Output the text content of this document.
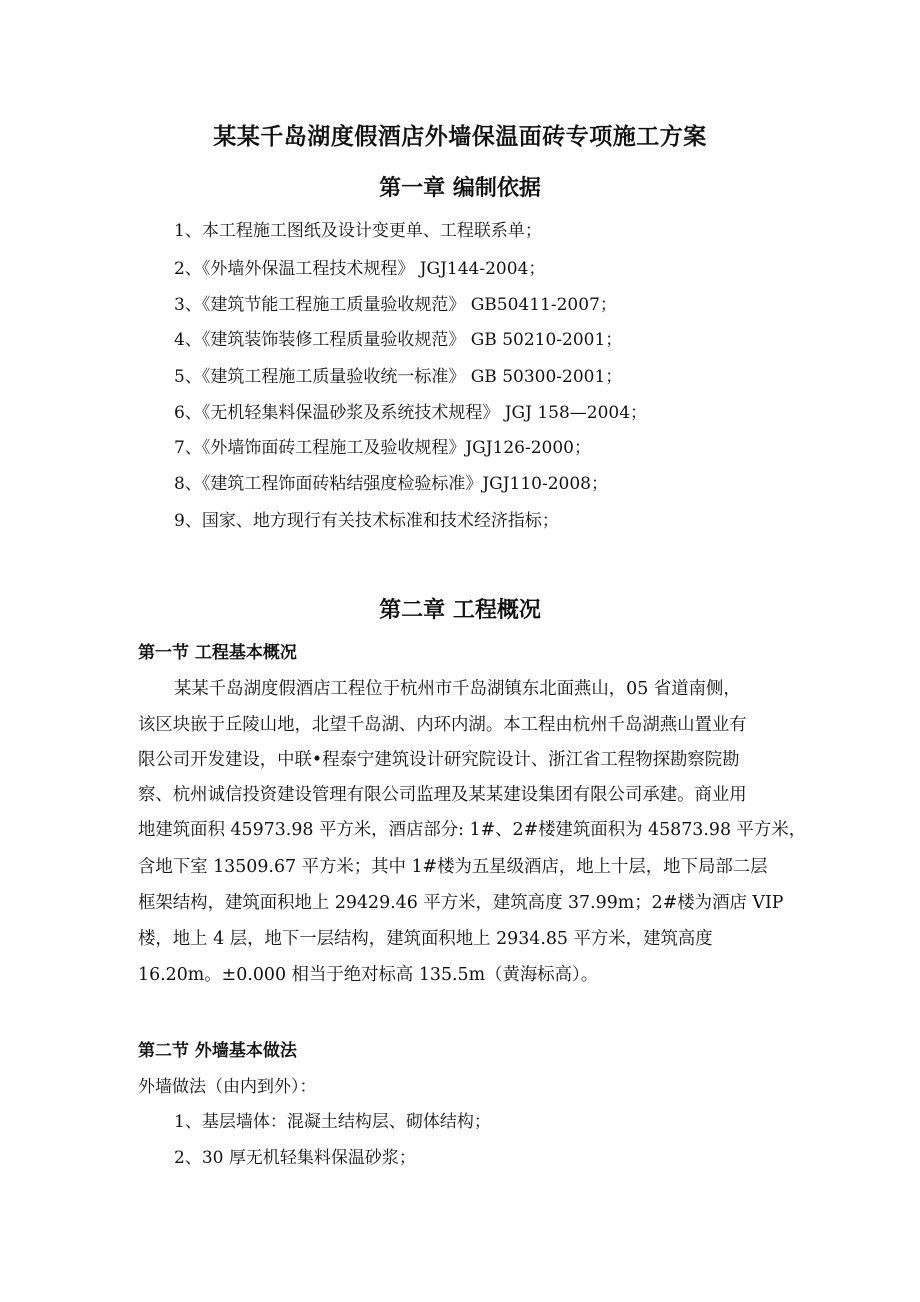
某某千岛湖度假酒店外墙保温面砖专项施工方案
第一章 编制依据
1、本工程施工图纸及设计变更单、工程联系单；
2、《外墙外保温工程技术规程》 JGJ144-2004；
3、《建筑节能工程施工质量验收规范》 GB50411-2007；
4、《建筑装饰装修工程质量验收规范》 GB 50210-2001；
5、《建筑工程施工质量验收统一标准》 GB 50300-2001；
6、《无机轻集料保温砂浆及系统技术规程》 JGJ 158—2004；
7、《外墙饰面砖工程施工及验收规程》JGJ126-2000；
8、《建筑工程饰面砖粘结强度检验标准》JGJ110-2008；
9、国家、地方现行有关技术标准和技术经济指标；
第二章 工程概况
第一节 工程基本概况
某某千岛湖度假酒店工程位于杭州市千岛湖镇东北面燕山，05 省道南侧，
该区块嵌于丘陵山地，北望千岛湖、内环内湖。本工程由杭州千岛湖燕山置业有
限公司开发建设，中联•程泰宁建筑设计研究院设计、浙江省工程物探勘察院勘
察、杭州诚信投资建设管理有限公司监理及某某建设集团有限公司承建。商业用
地建筑面积 45973.98 平方米，酒店部分: 1#、2#楼建筑面积为 45873.98 平方米，
含地下室 13509.67 平方米；其中 1#楼为五星级酒店，地上十层，地下局部二层
框架结构，建筑面积地上 29429.46 平方米，建筑高度 37.99m；2#楼为酒店 VIP
楼，地上 4 层，地下一层结构，建筑面积地上 2934.85 平方米，建筑高度
16.20m。±0.000 相当于绝对标高 135.5m（黄海标高）。
第二节 外墙基本做法
外墙做法（由内到外）：
1、基层墙体：混凝土结构层、砌体结构；
2、30 厚无机轻集料保温砂浆；
